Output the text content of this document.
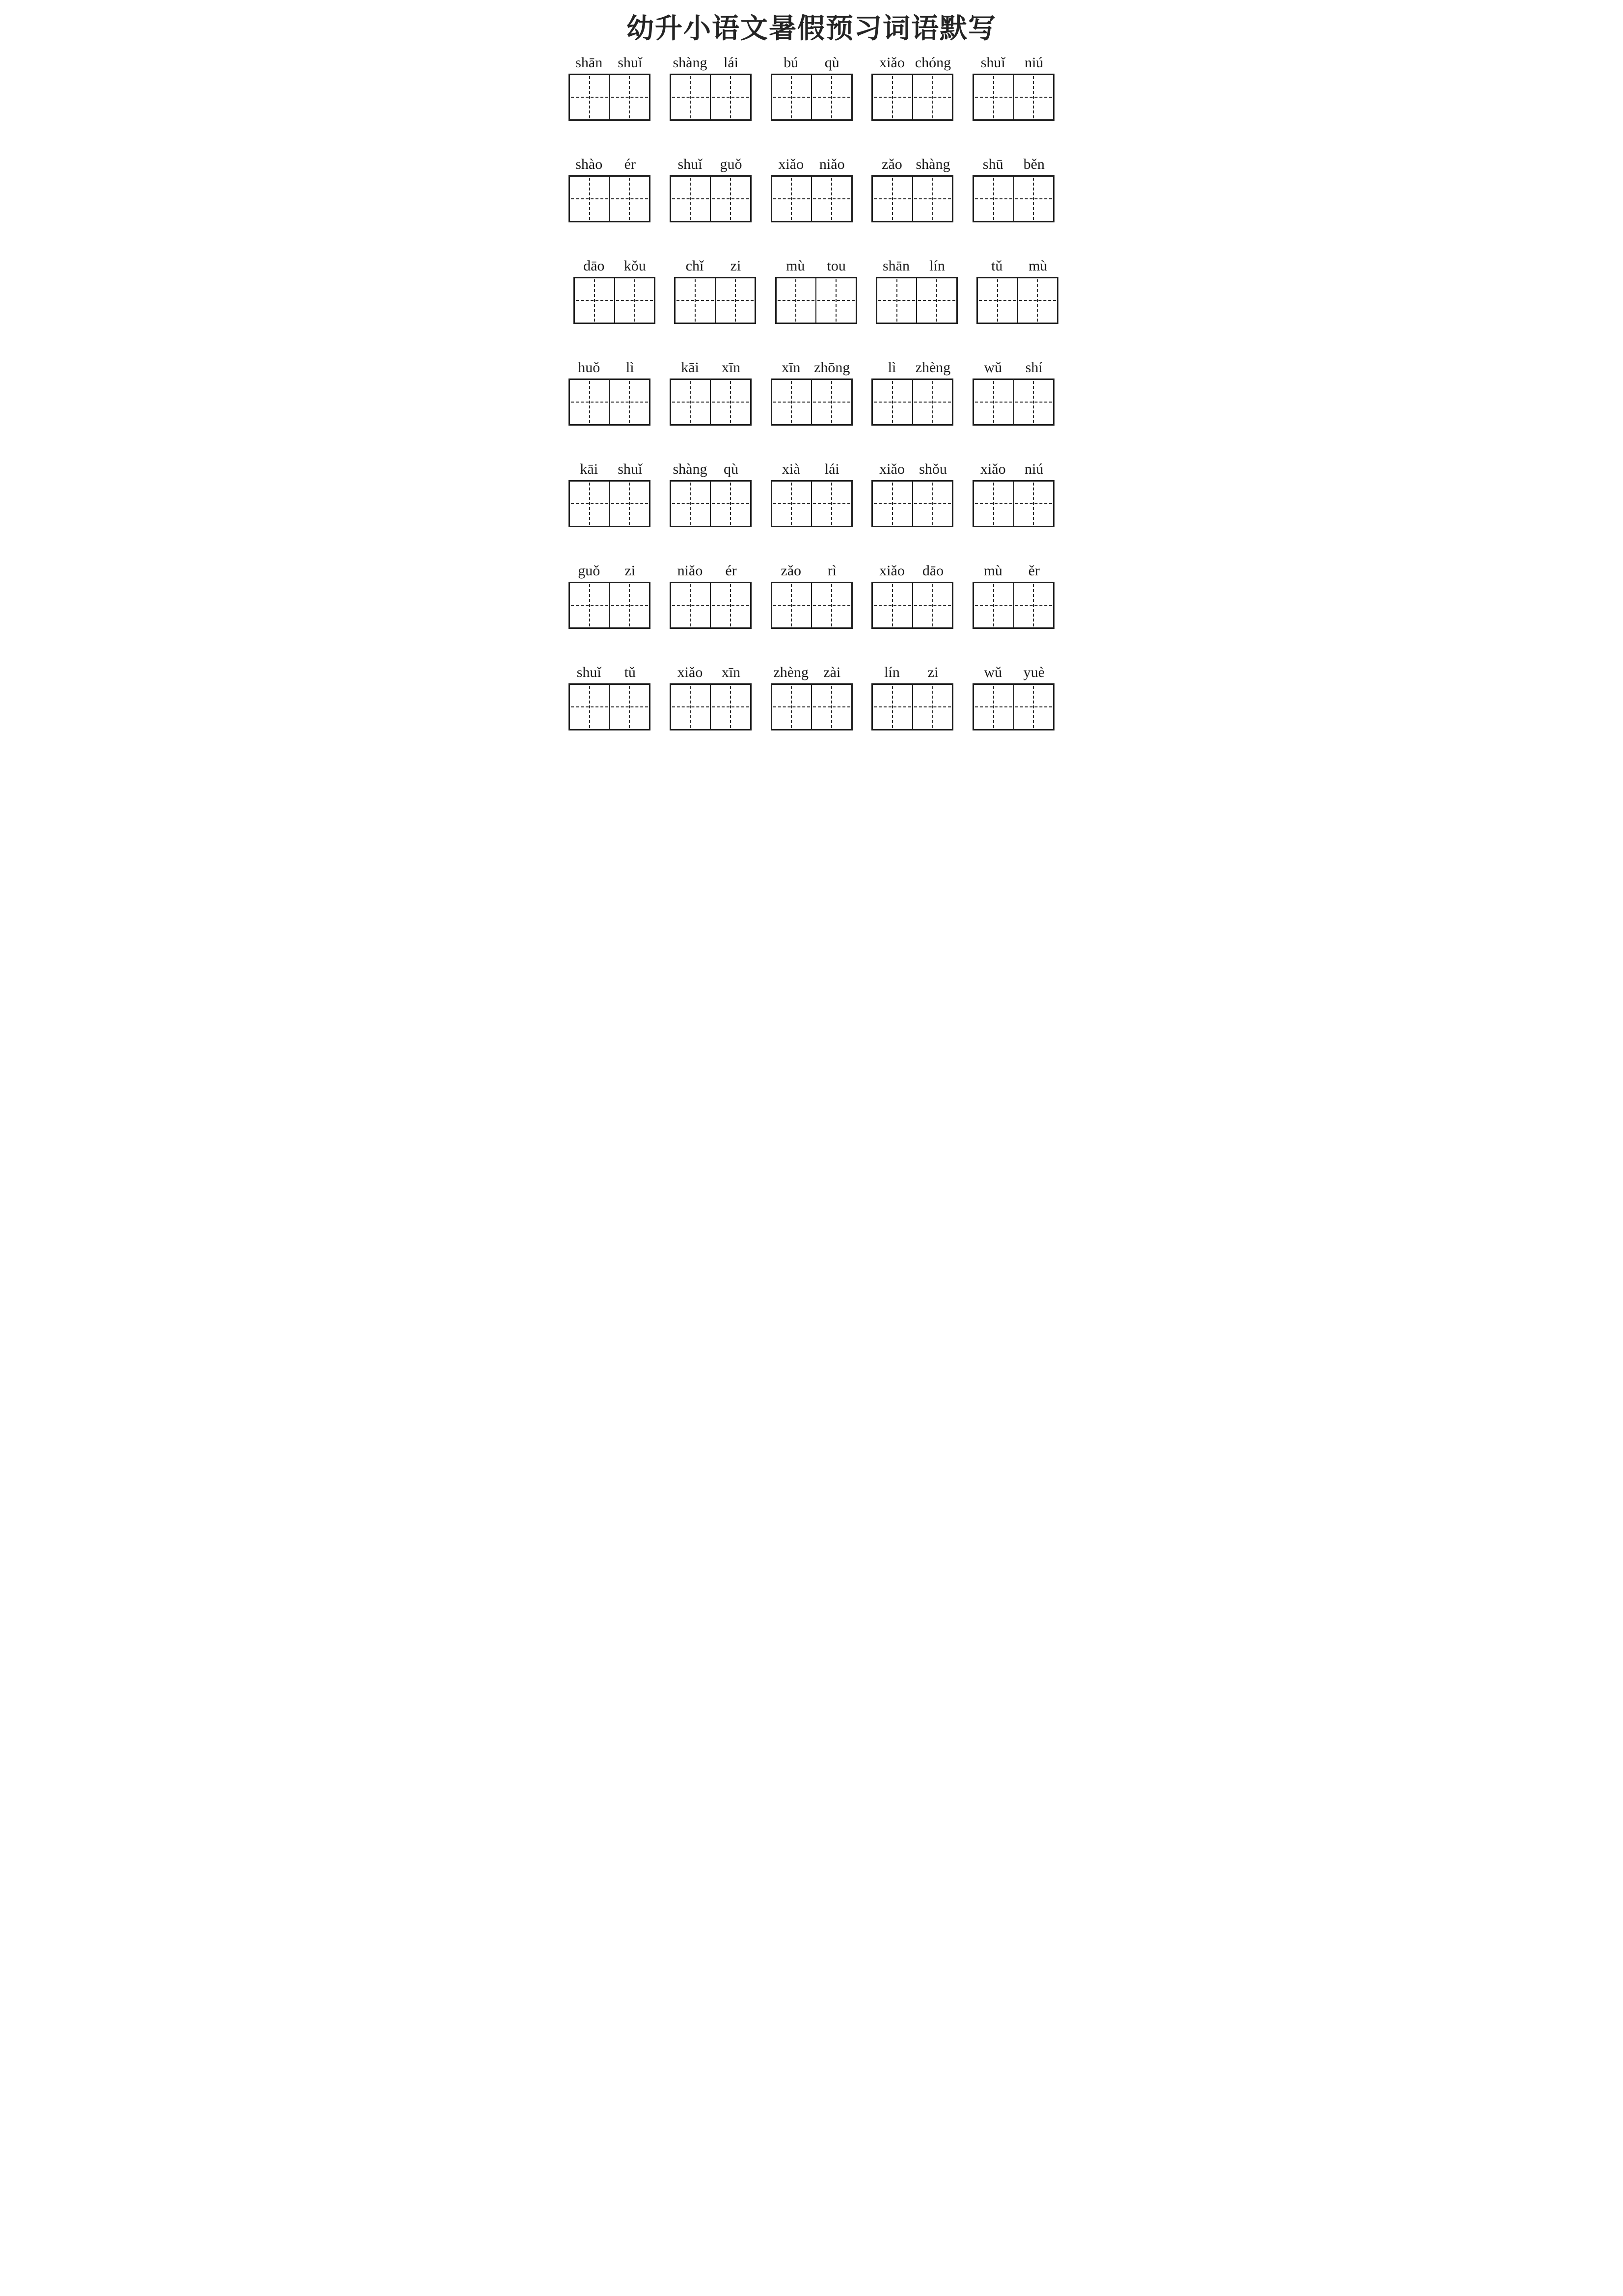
幼升小语文暑假预习词语默写
shān	shuǐ	shàng	lái	bú	qù	xiǎo chóng	shuǐ	niú
shào	ér	shuǐ	guǒ	xiǎo	niǎo	zǎo shàng	shū	běn
dāo	kǒu	chǐ	zi	mù	tou	shān	lín	tǔ	mù
huǒ	lì	kāi	xīn	xīn zhōng	lì	zhèng	wǔ	shí
kāi	shuǐ	shàng	qù	xià	lái	xiǎo shǒu	xiǎo	niú
guǒ	zi	niǎo	ér	zǎo	rì	xiǎo	dāo	mù	ěr
shuǐ	tǔ	xiǎo	xīn	zhèng	zài	lín	zi	wǔ	yuè
